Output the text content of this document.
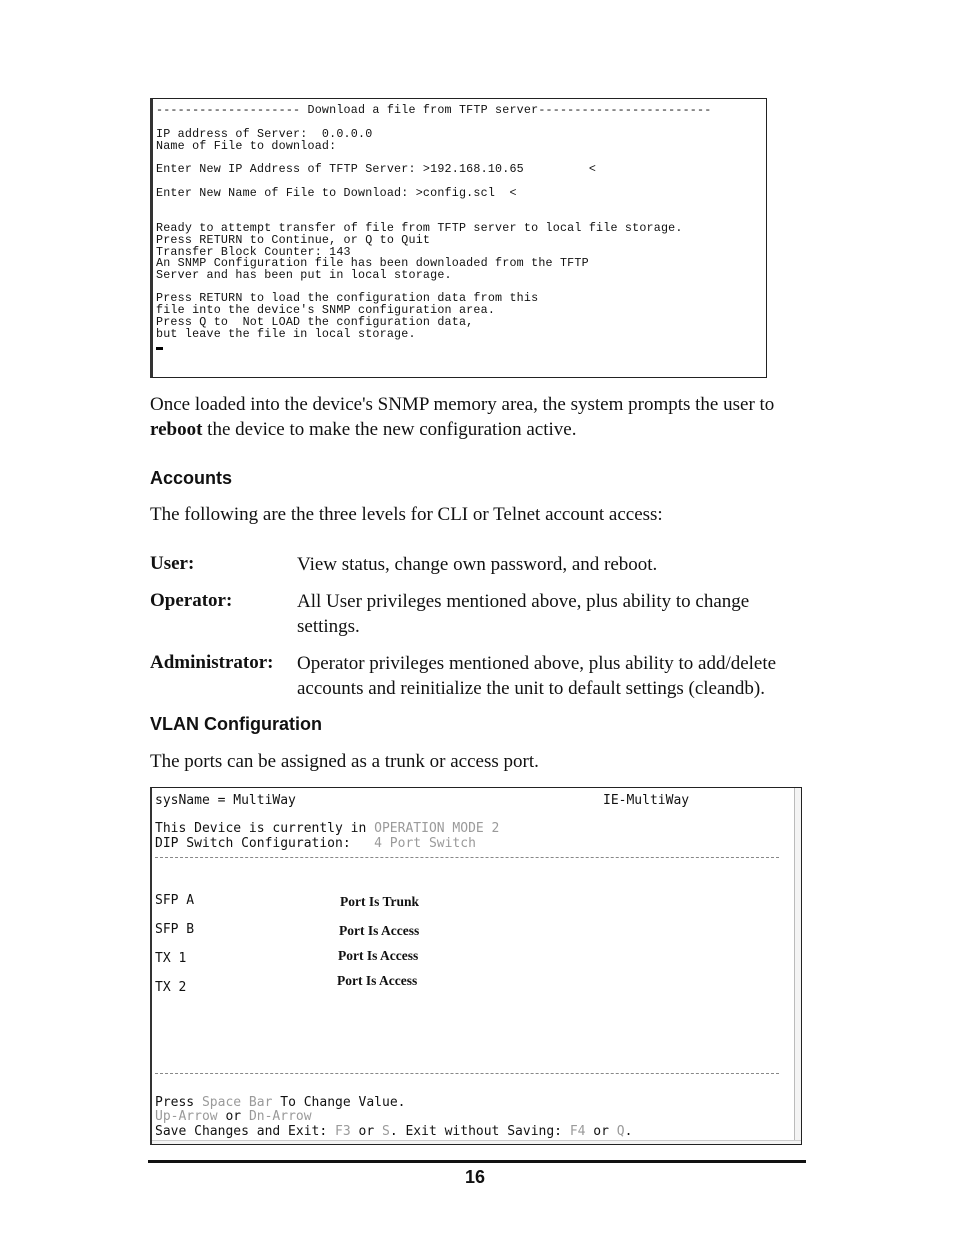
-------------------- Download a file from TFTP server------------------------
IP address of Server:  0.0.0.0
Name of File to download:
Enter New IP Address of TFTP Server: >192.168.10.65         <
Enter New Name of File to Download: >config.scl  <
Ready to attempt transfer of file from TFTP server to local file storage.
Press RETURN to Continue, or Q to Quit
Transfer Block Counter: 143
An SNMP Configuration file has been downloaded from the TFTP
Server and has been put in local storage.
Press RETURN to load the configuration data from this
file into the device's SNMP configuration area.
Press Q to  Not LOAD the configuration data,
but leave the file in local storage.
Once loaded into the device's SNMP memory area, the system prompts the user to
reboot the device to make the new configuration active.
Accounts
The following are the three levels for CLI or Telnet account access:
User:	View status, change own password, and reboot.
Operator:	All User privileges mentioned above, plus ability to change
settings.
Administrator: Operator privileges mentioned above, plus ability to add/delete
accounts and reinitialize the unit to default settings (cleandb).
VLAN Configuration
The ports can be assigned as a trunk or access port.
sysName = MultiWay	IE-MultiWay
This Device is currently in OPERATION MODE 2
DIP Switch Configuration:   4 Port Switch
SFP A	Port Is Trunk
SFP B	Port Is Access
TX 1	Port Is Access
TX 2	Port Is Access
Press Space Bar To Change Value.
Up-Arrow or Dn-Arrow
Save Changes and Exit: F3 or S. Exit without Saving: F4 or Q.
16
